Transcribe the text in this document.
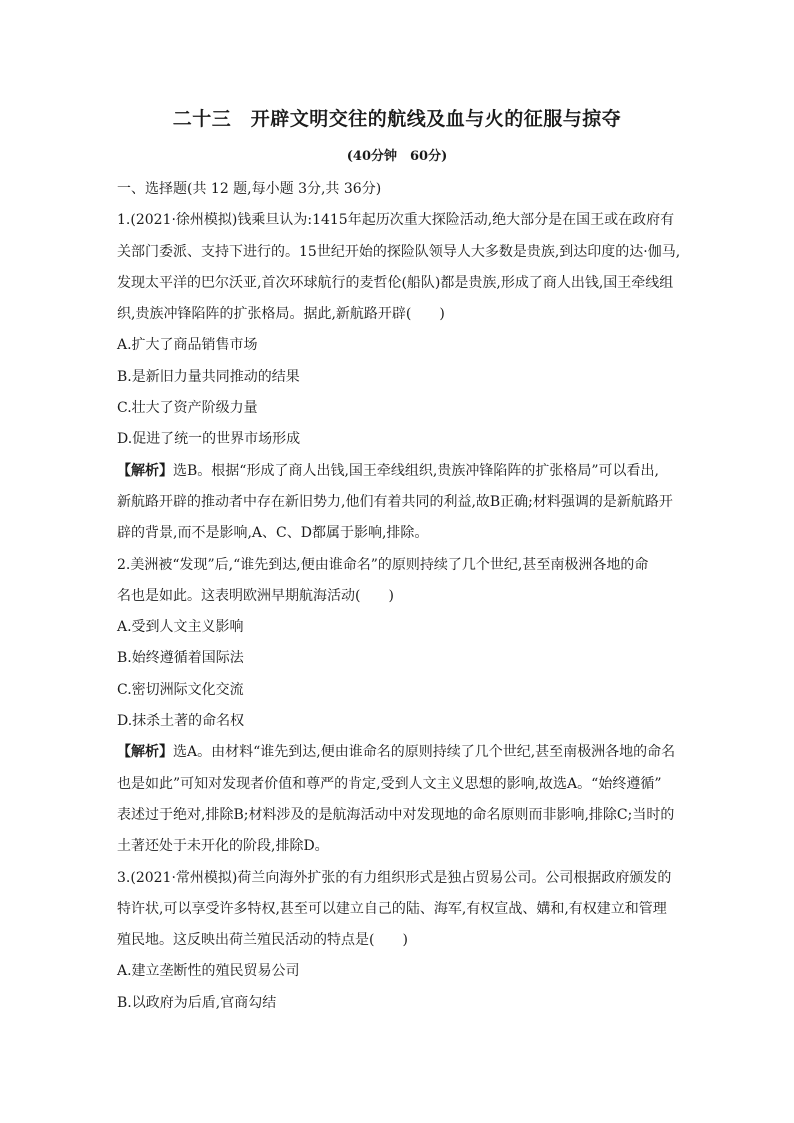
二十三　开辟文明交往的航线及血与火的征服与掠夺
(40分钟　60分)
一、选择题(共 12 题,每小题 3分,共 36分)
1.(2021·徐州模拟)钱乘旦认为:1415年起历次重大探险活动,绝大部分是在国王或在政府有
关部门委派、支持下进行的。15世纪开始的探险队领导人大多数是贵族,到达印度的达·伽马,
发现太平洋的巴尔沃亚,首次环球航行的麦哲伦(船队)都是贵族,形成了商人出钱,国王牵线组
织,贵族冲锋陷阵的扩张格局。据此,新航路开辟(　　)
A.扩大了商品销售市场
B.是新旧力量共同推动的结果
C.壮大了资产阶级力量
D.促进了统一的世界市场形成
【解析】选B。根据“形成了商人出钱,国王牵线组织,贵族冲锋陷阵的扩张格局”可以看出,
新航路开辟的推动者中存在新旧势力,他们有着共同的利益,故B正确;材料强调的是新航路开
辟的背景,而不是影响,A、C、D都属于影响,排除。
2.美洲被“发现”后,“谁先到达,便由谁命名”的原则持续了几个世纪,甚至南极洲各地的命
名也是如此。这表明欧洲早期航海活动(　　)
A.受到人文主义影响
B.始终遵循着国际法
C.密切洲际文化交流
D.抹杀土著的命名权
【解析】选A。由材料“谁先到达,便由谁命名的原则持续了几个世纪,甚至南极洲各地的命名
也是如此”可知对发现者价值和尊严的肯定,受到人文主义思想的影响,故选A。“始终遵循”
表述过于绝对,排除B;材料涉及的是航海活动中对发现地的命名原则而非影响,排除C;当时的
土著还处于未开化的阶段,排除D。
3.(2021·常州模拟)荷兰向海外扩张的有力组织形式是独占贸易公司。公司根据政府颁发的
特许状,可以享受许多特权,甚至可以建立自己的陆、海军,有权宣战、媾和,有权建立和管理
殖民地。这反映出荷兰殖民活动的特点是(　　)
A.建立垄断性的殖民贸易公司
B.以政府为后盾,官商勾结
